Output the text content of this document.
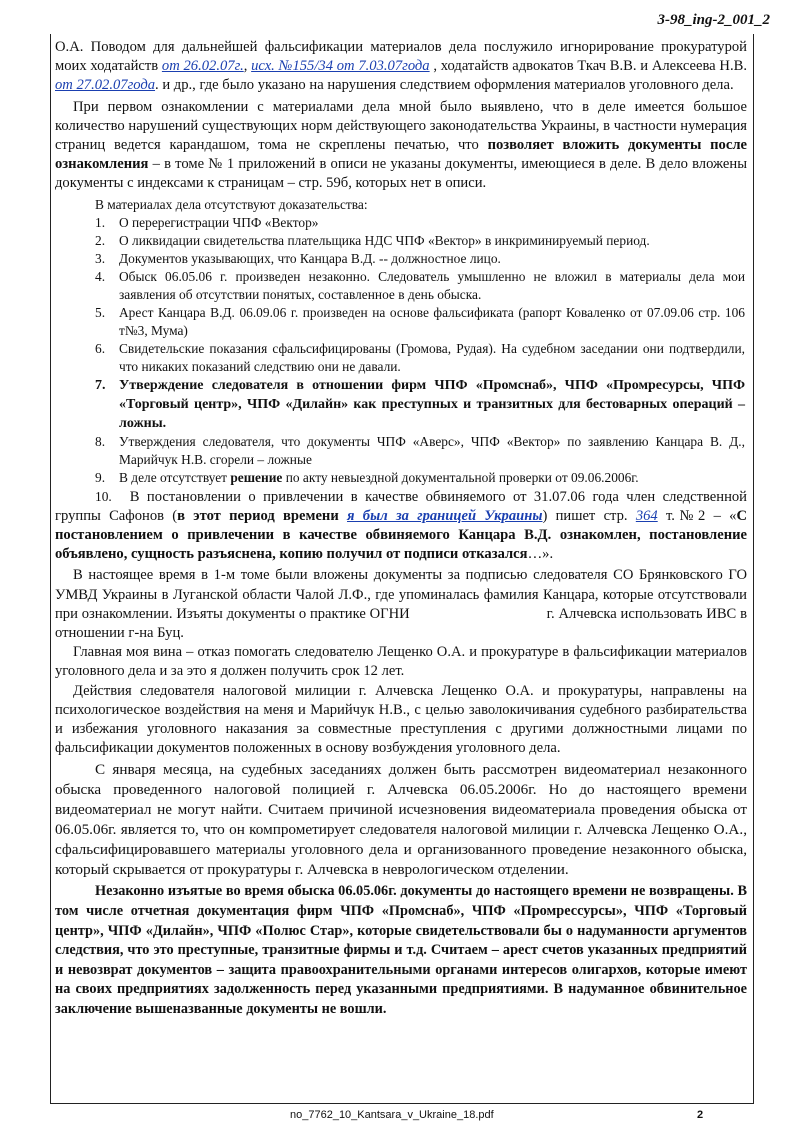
3-98_ing-2_001_2

О.А. Поводом для дальнейшей фальсификации материалов дела послужило игнорирование прокуратурой моих ходатайств от 26.02.07г., исх. №155/34 от 7.03.07года , ходатайств адвокатов Ткач В.В. и Алексеева Н.В. от 27.02.07года. и др., где было указано на нарушения следствием оформления материалов уголовного дела.

При первом ознакомлении с материалами дела мной было выявлено, что в деле имеется большое количество нарушений существующих норм действующего законодательства Украины, в частности нумерация страниц ведется карандашом, тома не скреплены печатью, что позволяет вложить документы после ознакомления – в томе № 1 приложений в описи не указаны документы, имеющиеся в деле. В дело вложены документы с индексами к страницам – стр. 59б, которых нет в описи.

В материалах дела отсутствуют доказательства:

1. О перерегистрации ЧПФ «Вектор»
2. О ликвидации свидетельства плательщика НДС ЧПФ «Вектор» в инкриминируемый период.
3. Документов указывающих, что Канцара В.Д. -- должностное лицо.
4. Обыск 06.05.06 г. произведен незаконно. Следователь умышленно не вложил в материалы дела мои заявления об отсутствии понятых, составленное в день обыска.
5. Арест Канцара В.Д. 06.09.06 г. произведен на основе фальсификата (рапорт Коваленко от 07.09.06 стр. 106 т№3, Мума)
6. Свидетельские показания сфальсифицированы (Громова, Рудая). На судебном заседании они подтвердили, что никаких показаний следствию они не давали.
7. Утверждение следователя в отношении фирм ЧПФ «Промснаб», ЧПФ «Промресурсы, ЧПФ «Торговый центр», ЧПФ «Дилайн» как преступных и транзитных для бестоварных операций – ложны.
8. Утверждения следователя, что документы ЧПФ «Аверс», ЧПФ «Вектор» по заявлению Канцара В. Д., Марийчук Н.В. сгорели – ложные
9. В деле отсутствует решение по акту невыездной документальной проверки от 09.06.2006г.

10. В постановлении о привлечении в качестве обвиняемого от 31.07.06 года член следственной группы Сафонов (в этот период времени я был за границей Украины) пишет стр. 364 т.№2 – «С постановлением о привлечении в качестве обвиняемого Канцара В.Д. ознакомлен, постановление объявлено, сущность разъяснена, копию получил от подписи отказался…».

В настоящее время в 1-м томе были вложены документы за подписью следователя СО Брянковского ГО УМВД Украины в Луганской области Чалой Л.Ф., где упоминалась фамилия Канцара, которые отсутствовали при ознакомлении. Изъяты документы о практике ОГНИ                                    г. Алчевска использовать ИВС в отношении г-на Буц.

Главная моя вина – отказ помогать следователю Лещенко О.А. и прокуратуре в фальсификации материалов уголовного дела и за это я должен получить срок 12 лет.

Действия следователя налоговой милиции г. Алчевска Лещенко О.А. и прокуратуры, направлены на психологическое воздействия на меня и Марийчук Н.В., с целью заволокичивания судебного разбирательства и избежания уголовного наказания за совместные преступления с другими должностными лицами по фальсификации документов положенных в основу возбуждения уголовного дела.

С января месяца, на судебных заседаниях должен быть рассмотрен видеоматериал незаконного обыска проведенного налоговой полицией г. Алчевска 06.05.2006г. Но до настоящего времени видеоматериал не могут найти. Считаем причиной исчезновения видеоматериала проведения обыска от 06.05.06г. является то, что он компрометирует следователя налоговой милиции г. Алчевска Лещенко О.А., сфальсифицировавшего материалы уголовного дела и организованного проведение незаконного обыска, который скрывается от прокуратуры г. Алчевска в неврологическом отделении.

Незаконно изъятые во время обыска 06.05.06г. документы до настоящего времени не возвращены. В том числе отчетная документация фирм ЧПФ «Промснаб», ЧПФ «Промрессурсы», ЧПФ «Торговый центр», ЧПФ «Дилайн», ЧПФ «Полюс Стар», которые свидетельствовали бы о надуманности аргументов следствия, что это преступные, транзитные фирмы и т.д. Считаем – арест счетов указанных предприятий и невозврат документов – защита правоохранительными органами интересов олигархов, которые имеют на своих предприятиях задолженность перед указанными предприятиями. В надуманное обвинительное заключение вышеназванные документы не вошли.

no_7762_10_Kantsara_v_Ukraine_18.pdf	2
